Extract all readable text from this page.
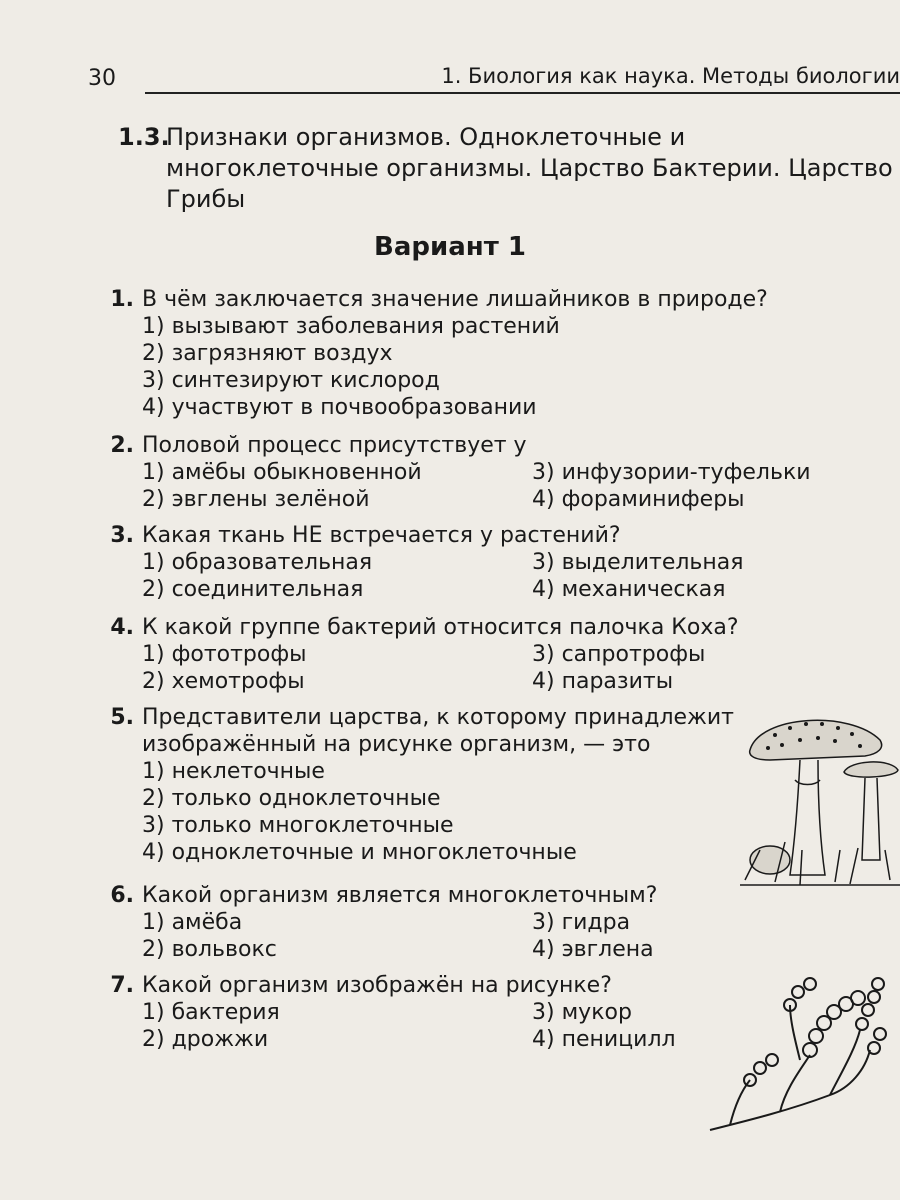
30	1. Биология как наука. Методы биологии
1.3.
Признаки организмов. Одноклеточные и многоклеточные организмы. Царство Бактерии. Царство Грибы
Вариант 1
1. В чём заключается значение лишайников в природе?
1) вызывают заболевания растений
2) загрязняют воздух
3) синтезируют кислород
4) участвуют в почвообразовании
2. Половой процесс присутствует у
1) амёбы обыкновенной	3) инфузории-туфельки
2) эвглены зелёной	4) фораминиферы
3. Какая ткань НЕ встречается у растений?
1) образовательная	3) выделительная
2) соединительная	4) механическая
4. К какой группе бактерий относится палочка Коха?
1) фототрофы	3) сапротрофы
2) хемотрофы	4) паразиты
5. Представители царства, к которому принадлежит
изображённый на рисунке организм, — это
1) неклеточные
2) только одноклеточные
3) только многоклеточные
4) одноклеточные и многоклеточные
6. Какой организм является многоклеточным?
1) амёба	3) гидра
2) вольвокс	4) эвглена
7. Какой организм изображён на рисунке?
1) бактерия	3) мукор
2) дрожжи	4) пеницилл
